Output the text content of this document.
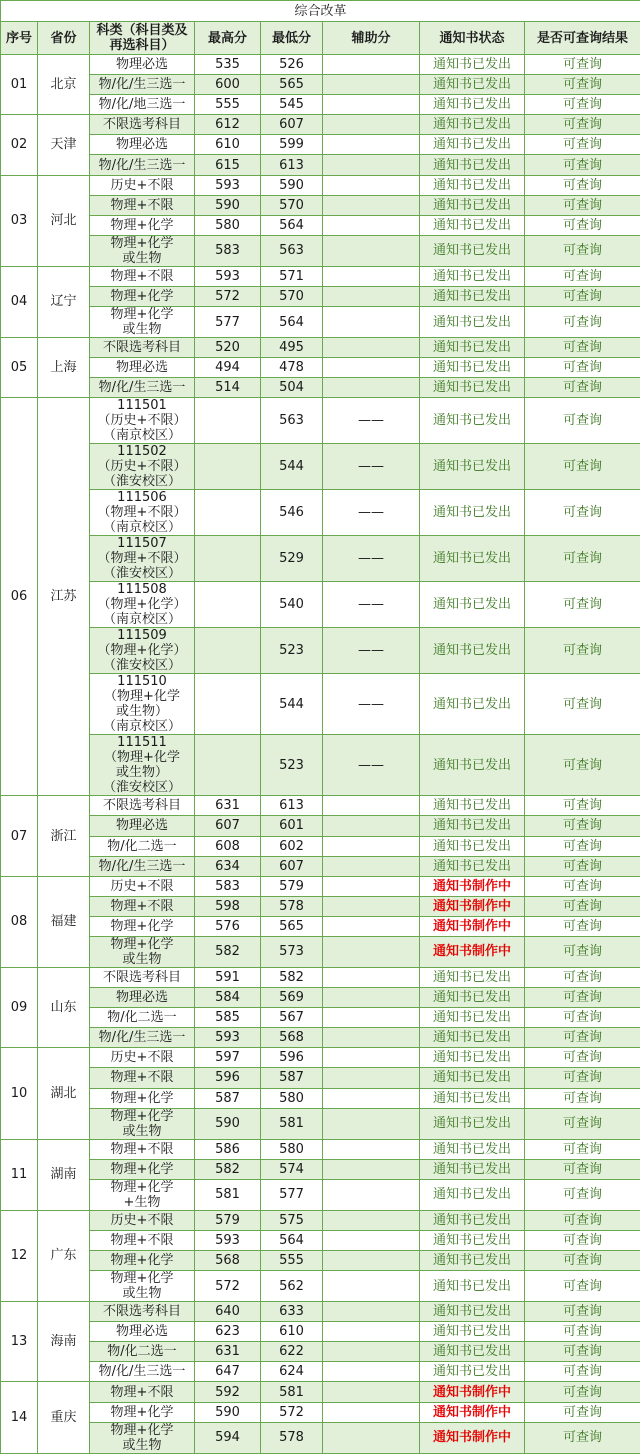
综合改革							
序号	省份	科类（科目类及
再选科目）	最高分	最低分	辅助分	通知书状态	是否可查询结果
01	北京	物理必选	535	526		通知书已发出	可查询
		物/化/生三选一	600	565		通知书已发出	可查询
		物/化/地三选一	555	545		通知书已发出	可查询
02	天津	不限选考科目	612	607		通知书已发出	可查询
		物理必选	610	599		通知书已发出	可查询
		物/化/生三选一	615	613		通知书已发出	可查询
03	河北	历史+不限	593	590		通知书已发出	可查询
		物理+不限	590	570		通知书已发出	可查询
		物理+化学	580	564		通知书已发出	可查询
		物理+化学
或生物	583	563		通知书已发出	可查询
04	辽宁	物理+不限	593	571		通知书已发出	可查询
		物理+化学	572	570		通知书已发出	可查询
		物理+化学
或生物	577	564		通知书已发出	可查询
05	上海	不限选考科目	520	495		通知书已发出	可查询
		物理必选	494	478		通知书已发出	可查询
		物/化/生三选一	514	504		通知书已发出	可查询
06	江苏	111501
（历史+不限）
（南京校区）		563	——	通知书已发出	可查询
		111502
（历史+不限）
（淮安校区）		544	——	通知书已发出	可查询
		111506
（物理+不限）
（南京校区）		546	——	通知书已发出	可查询
		111507
（物理+不限）
（淮安校区）		529	——	通知书已发出	可查询
		111508
（物理+化学）
（南京校区）		540	——	通知书已发出	可查询
		111509
（物理+化学）
（淮安校区）		523	——	通知书已发出	可查询
		111510
（物理+化学
或生物）
（南京校区）		544	——	通知书已发出	可查询
		111511
（物理+化学
或生物）
（淮安校区）		523	——	通知书已发出	可查询
07	浙江	不限选考科目	631	613		通知书已发出	可查询
		物理必选	607	601		通知书已发出	可查询
		物/化二选一	608	602		通知书已发出	可查询
		物/化/生三选一	634	607		通知书已发出	可查询
08	福建	历史+不限	583	579		通知书制作中	可查询
		物理+不限	598	578		通知书制作中	可查询
		物理+化学	576	565		通知书制作中	可查询
		物理+化学
或生物	582	573		通知书制作中	可查询
09	山东	不限选考科目	591	582		通知书已发出	可查询
		物理必选	584	569		通知书已发出	可查询
		物/化二选一	585	567		通知书已发出	可查询
		物/化/生三选一	593	568		通知书已发出	可查询
10	湖北	历史+不限	597	596		通知书已发出	可查询
		物理+不限	596	587		通知书已发出	可查询
		物理+化学	587	580		通知书已发出	可查询
		物理+化学
或生物	590	581		通知书已发出	可查询
11	湖南	物理+不限	586	580		通知书已发出	可查询
		物理+化学	582	574		通知书已发出	可查询
		物理+化学
+生物	581	577		通知书已发出	可查询
12	广东	历史+不限	579	575		通知书已发出	可查询
		物理+不限	593	564		通知书已发出	可查询
		物理+化学	568	555		通知书已发出	可查询
		物理+化学
或生物	572	562		通知书已发出	可查询
13	海南	不限选考科目	640	633		通知书已发出	可查询
		物理必选	623	610		通知书已发出	可查询
		物/化二选一	631	622		通知书已发出	可查询
		物/化/生三选一	647	624		通知书已发出	可查询
14	重庆	物理+不限	592	581		通知书制作中	可查询
		物理+化学	590	572		通知书制作中	可查询
		物理+化学
或生物	594	578		通知书制作中	可查询
